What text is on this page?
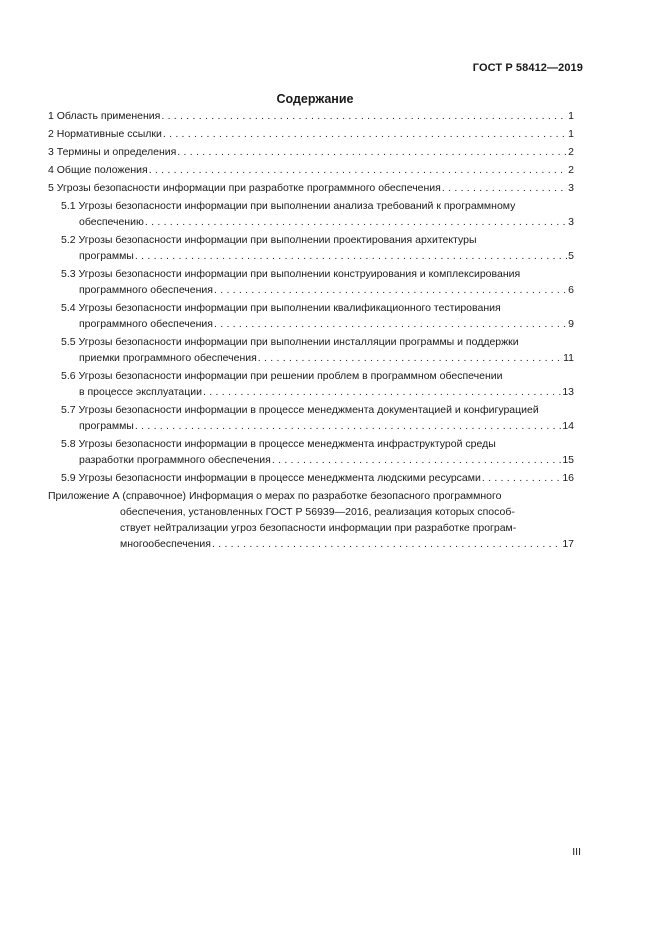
ГОСТ Р 58412—2019
Содержание
1 Область применения . . .	1
2 Нормативные ссылки . . .	1
3 Термины и определения . . .	2
4 Общие положения . . .	2
5 Угрозы безопасности информации при разработке программного обеспечения . . .	3
5.1 Угрозы безопасности информации при выполнении анализа требований к программному
обеспечению . . .	3
5.2 Угрозы безопасности информации при выполнении проектирования архитектуры
программы . . .	5
5.3 Угрозы безопасности информации при выполнении конструирования и комплексирования
программного обеспечения . . .	6
5.4 Угрозы безопасности информации при выполнении квалификационного тестирования
программного обеспечения . . .	9
5.5 Угрозы безопасности информации при выполнении инсталляции программы и поддержки
приемки программного обеспечения . . .	11
5.6 Угрозы безопасности информации при решении проблем в программном обеспечении
в процессе эксплуатации . . .	13
5.7 Угрозы безопасности информации в процессе менеджмента документацией и конфигурацией
программы . . .	14
5.8 Угрозы безопасности информации в процессе менеджмента инфраструктурой среды
разработки программного обеспечения . . .	15
5.9 Угрозы безопасности информации в процессе менеджмента людскими ресурсами . . .	16
Приложение А (справочное) Информация о мерах по разработке безопасного программного
обеспечения, установленных ГОСТ Р 56939—2016, реализация которых способ-
ствует нейтрализации угроз безопасности информации при разработке програм-
многообеспечения . . .	17
III
